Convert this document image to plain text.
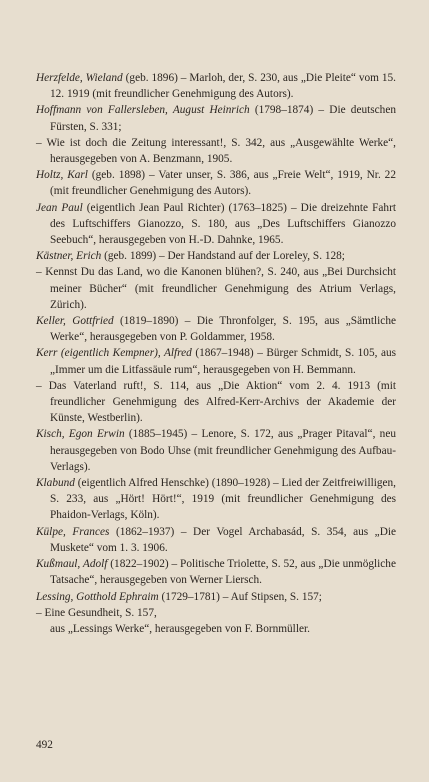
Herzfelde, Wieland (geb. 1896) – Marloh, der, S. 230, aus „Die Pleite“ vom 15. 12. 1919 (mit freundlicher Genehmigung des Autors).

Hoffmann von Fallersleben, August Heinrich (1798–1874) – Die deutschen Fürsten, S. 331;
– Wie ist doch die Zeitung interessant!, S. 342, aus „Ausgewählte Werke“, herausgegeben von A. Benzmann, 1905.

Holtz, Karl (geb. 1898) – Vater unser, S. 386, aus „Freie Welt“, 1919, Nr. 22 (mit freundlicher Genehmigung des Autors).

Jean Paul (eigentlich Jean Paul Richter) (1763–1825) – Die dreizehnte Fahrt des Luftschiffers Gianozzo, S. 180, aus „Des Luftschiffers Gianozzo Seebuch“, herausgegeben von H.-D. Dahnke, 1965.

Kästner, Erich (geb. 1899) – Der Handstand auf der Loreley, S. 128;
– Kennst Du das Land, wo die Kanonen blühen?, S. 240, aus „Bei Durchsicht meiner Bücher“ (mit freundlicher Genehmigung des Atrium Verlags, Zürich).

Keller, Gottfried (1819–1890) – Die Thronfolger, S. 195, aus „Sämtliche Werke“, herausgegeben von P. Goldammer, 1958.

Kerr (eigentlich Kempner), Alfred (1867–1948) – Bürger Schmidt, S. 105, aus „Immer um die Litfassäule rum“, herausgegeben von H. Bemmann.
– Das Vaterland ruft!, S. 114, aus „Die Aktion“ vom 2. 4. 1913 (mit freundlicher Genehmigung des Alfred-Kerr-Archivs der Akademie der Künste, Westberlin).

Kisch, Egon Erwin (1885–1945) – Lenore, S. 172, aus „Prager Pitaval“, neu herausgegeben von Bodo Uhse (mit freundlicher Genehmigung des Aufbau-Verlags).

Klabund (eigentlich Alfred Henschke) (1890–1928) – Lied der Zeitfreiwilligen, S. 233, aus „Hört! Hört!“, 1919 (mit freundlicher Genehmigung des Phaidon-Verlags, Köln).

Külpe, Frances (1862–1937) – Der Vogel Archabasád, S. 354, aus „Die Muskete“ vom 1. 3. 1906.

Kußmaul, Adolf (1822–1902) – Politische Triolette, S. 52, aus „Die unmögliche Tatsache“, herausgegeben von Werner Liersch.

Lessing, Gotthold Ephraim (1729–1781) – Auf Stipsen, S. 157;
– Eine Gesundheit, S. 157,
aus „Lessings Werke“, herausgegeben von F. Bornmüller.

492
